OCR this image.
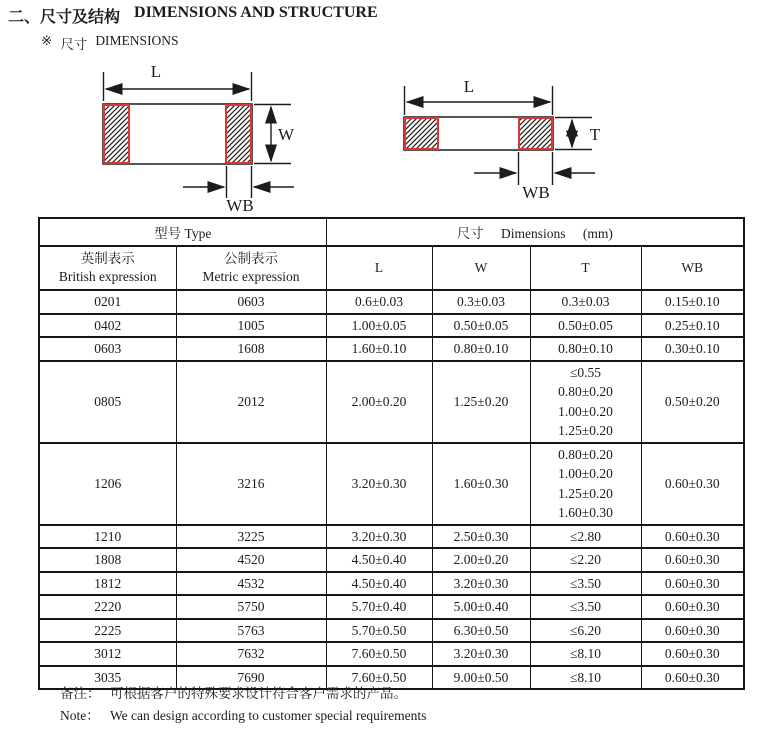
二、尺寸及结构 DIMENSIONS AND STRUCTURE
※ 尺寸 DIMENSIONS
L
W
WB
L
T
WB
型号 Type		尺寸 Dimensions (mm)			

英制表示
British expression

公制表示
Metric expression
	L	W	T	WB

0201	0603	0.6±0.03	0.3±0.03	0.3±0.03	0.15±0.10

0402	1005	1.00±0.05	0.50±0.05	0.50±0.05	0.25±0.10

0603	1608	1.60±0.10	0.80±0.10	0.80±0.10	0.30±0.10

0805	2012	2.00±0.20	1.25±0.20	≤0.55
0.80±0.20
1.00±0.20
1.25±0.20	0.50±0.20

1206	3216	3.20±0.30	1.60±0.30	0.80±0.20
1.00±0.20
1.25±0.20
1.60±0.30	0.60±0.30

1210	3225	3.20±0.30	2.50±0.30	≤2.80	0.60±0.30

1808	4520	4.50±0.40	2.00±0.20	≤2.20	0.60±0.30

1812	4532	4.50±0.40	3.20±0.30	≤3.50	0.60±0.30

2220	5750	5.70±0.40	5.00±0.40	≤3.50	0.60±0.30

2225	5763	5.70±0.50	6.30±0.50	≤6.20	0.60±0.30

3012	7632	7.60±0.50	3.20±0.30	≤8.10	0.60±0.30

3035	7690	7.60±0.50	9.00±0.50	≤8.10	0.60±0.30
备注： 可根据客户的特殊要求设计符合客户需求的产品。
Note： We can design according to customer special requirements
